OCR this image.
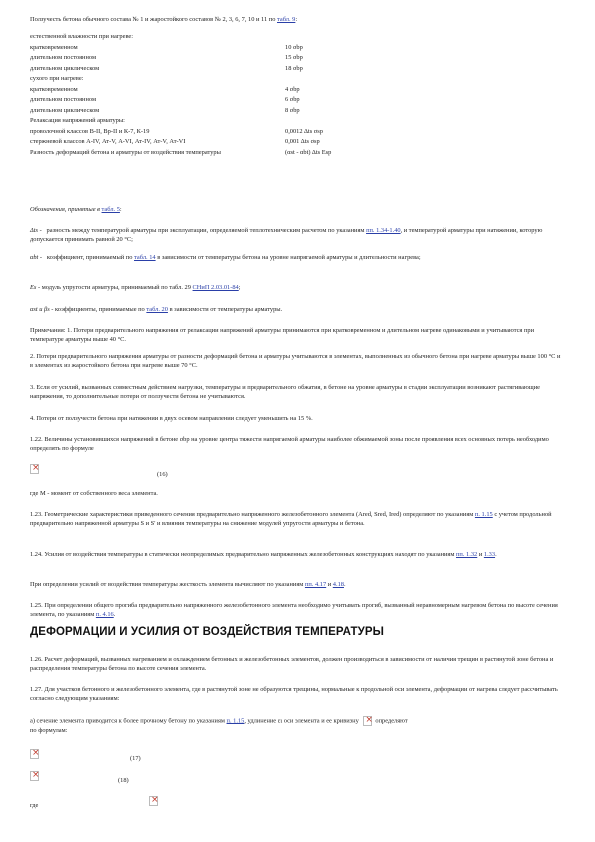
Ползучесть бетона обычного состава № 1 и жаростойкого составов № 2, 3, 6, 7, 10 и 11 по табл. 9:	
естественной влажности при нагреве:	
кратковременном	10 σbp
длительном постоянном	15 σbp
длительном циклическом	18 σbp
сухого при нагреве:	
кратковременном	4 σbp
длительном постоянном	6 σbp
длительном циклическом	8 σbp
Релаксация напряжений арматуры:	
проволочной классов В-II, Вр-II и К-7, К-19	0,0012 Δts σsp
стержневой классов A-IV, Ат-V, А-VI, Ат-IV, Ат-V, Ат-VI	0,001 Δts σsp
Разность деформаций бетона и арматуры от воздействия температуры	(αst - αbt) Δts Esp
Обозначения, принятые в табл. 5:

Δts - разность между температурой арматуры при эксплуатации, определяемой теплотехническим расчетом по указаниям пп. 1.34-1.40, и температурой арматуры при натяжении, которую допускается принимать равной 20 °С;

αbt - коэффициент, принимаемый по табл. 14 в зависимости от температуры бетона на уровне напрягаемой арматуры и длительности нагрева;

Es - модуль упругости арматуры, принимаемый по табл. 29 СНиП 2.03.01-84;

αst и βs - коэффициенты, принимаемые по табл. 20 в зависимости от температуры арматуры.

Примечания: 1. Потери предварительного напряжения от релаксации напряжений арматуры принимаются при кратковременном и длительном нагреве одинаковыми и учитываются при температуре арматуры выше 40 °С.
2. Потери предварительного напряжения арматуры от разности деформаций бетона и арматуры учитываются в элементах, выполненных из обычного бетона при нагреве арматуры выше 100 °С и в элементах из жаростойкого бетона при нагреве выше 70 °С.
3. Если от усилий, вызванных совместным действием нагрузки, температуры и предварительного обжатия, в бетоне на уровне арматуры в стадии эксплуатации возникают растягивающие напряжения, то дополнительные потери от ползучести бетона не учитываются.
4. Потери от ползучести бетона при натяжении в двух осевом направлении следует уменьшить на 15 %.
1.22. Величины установившихся напряжений в бетоне σbp на уровне центра тяжести напрягаемой арматуры наиболее обжимаемой зоны после проявления всех основных потерь необходимо определять по формуле
×
(16)
где М - момент от собственного веса элемента.
1.23. Геометрические характеристики приведенного сечения предварительно напряженного железобетонного элемента (Ared, Sred, Ired) определяют по указаниям п. 1.15 с учетом продольной предварительно напряженной арматуры S и S' и влияния температуры на снижение модулей упругости арматуры и бетона.
1.24. Усилия от воздействия температуры в статически неопределимых предварительно напряженных железобетонных конструкциях находят по указаниям пп. 1.32 и 1.33.
При определении усилий от воздействия температуры жесткость элемента вычисляют по указаниям пп. 4.17 и 4.18.
1.25. При определении общего прогиба предварительно напряженного железобетонного элемента необходимо учитывать прогиб, вызванный неравномерным нагревом бетона по высоте сечения элемента, по указаниям п. 4.16.
ДЕФОРМАЦИИ И УСИЛИЯ ОТ ВОЗДЕЙСТВИЯ ТЕМПЕРАТУРЫ
1.26. Расчет деформаций, вызванных нагреванием и охлаждением бетонных и железобетонных элементов, должен производиться в зависимости от наличия трещин в растянутой зоне бетона и распределения температуры бетона по высоте сечения элемента.
1.27. Для участков бетонного и железобетонного элемента, где в растянутой зоне не образуются трещины, нормальные к продольной оси элемента, деформации от нагрева следует рассчитывать согласно следующим указаниям:
а) сечение элемента приводится к более прочному бетону по указаниям п. 1.15, удлинение ει оси элемента и ее кривизну ×	определяют
по формулам:
×
(17)
×
(18)
где
×
